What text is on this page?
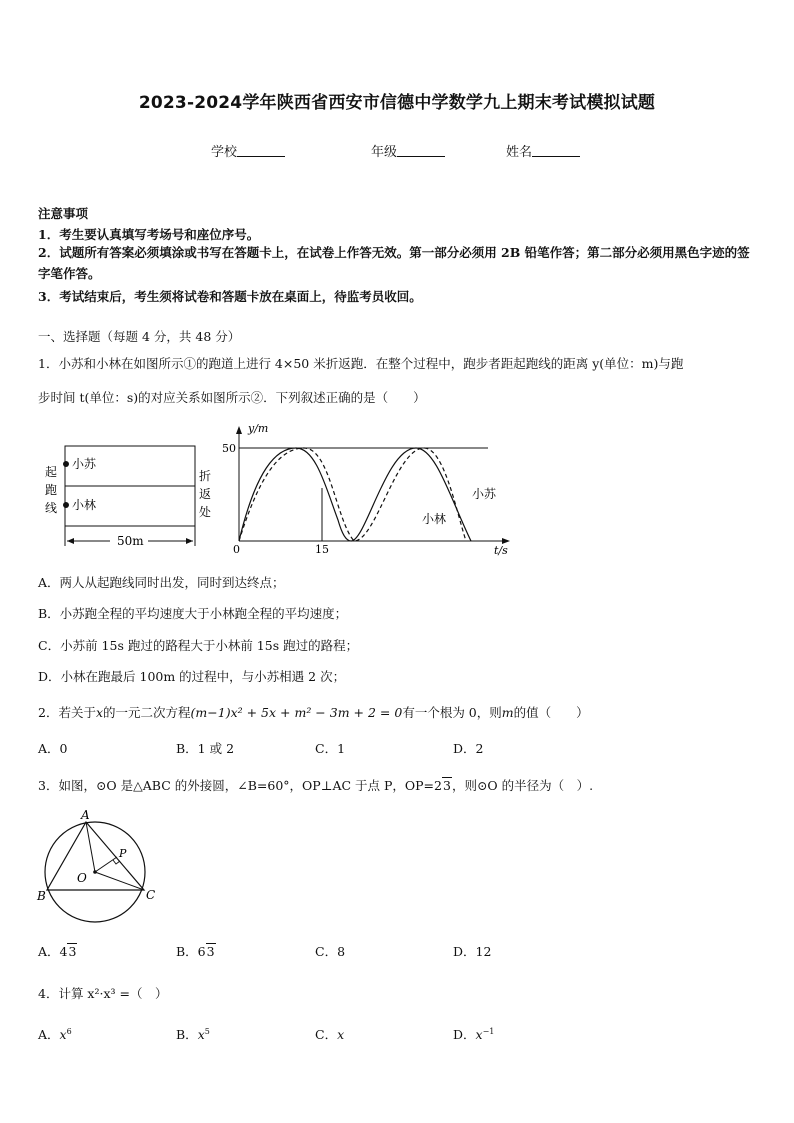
2023-2024学年陕西省西安市信德中学数学九上期末考试模拟试题
学校	年级	姓名
注意事项
1．考生要认真填写考场号和座位序号。
2．试题所有答案必须填涂或书写在答题卡上，在试卷上作答无效。第一部分必须用 2B 铅笔作答；第二部分必须用黑色字迹的签字笔作答。
3．考试结束后，考生须将试卷和答题卡放在桌面上，待监考员收回。
一、选择题（每题 4 分，共 48 分）
1．小苏和小林在如图所示①的跑道上进行 4×50 米折返跑．在整个过程中，跑步者距起跑线的距离 y(单位：m)与跑
步时间 t(单位：s)的对应关系如图所示②．下列叙述正确的是（　　）
小苏
小林
起
跑
线
折
返
处
50m
y/m
50
0	15	t/s
小苏
小林
A．两人从起跑线同时出发，同时到达终点；
B．小苏跑全程的平均速度大于小林跑全程的平均速度；
C．小苏前 15s 跑过的路程大于小林前 15s 跑过的路程；
D．小林在跑最后 100m 的过程中，与小苏相遇 2 次；
2．若关于x的一元二次方程(m−1)x² + 5x + m² − 3m + 2 = 0有一个根为 0，则m的值（　　）
A．0	B．1 或 2	C．1	D．2
3．如图，⊙O 是△ABC 的外接圆，∠B=60°，OP⊥AC 于点 P，OP=23，则⊙O 的半径为（　）.
A
B	C
O
P
A．43	B．63	C．8	D．12
4．计算 x²·x³ =（　）
A．$x^6$	B．$x^5$	C．x	D．$x^{-1}$
